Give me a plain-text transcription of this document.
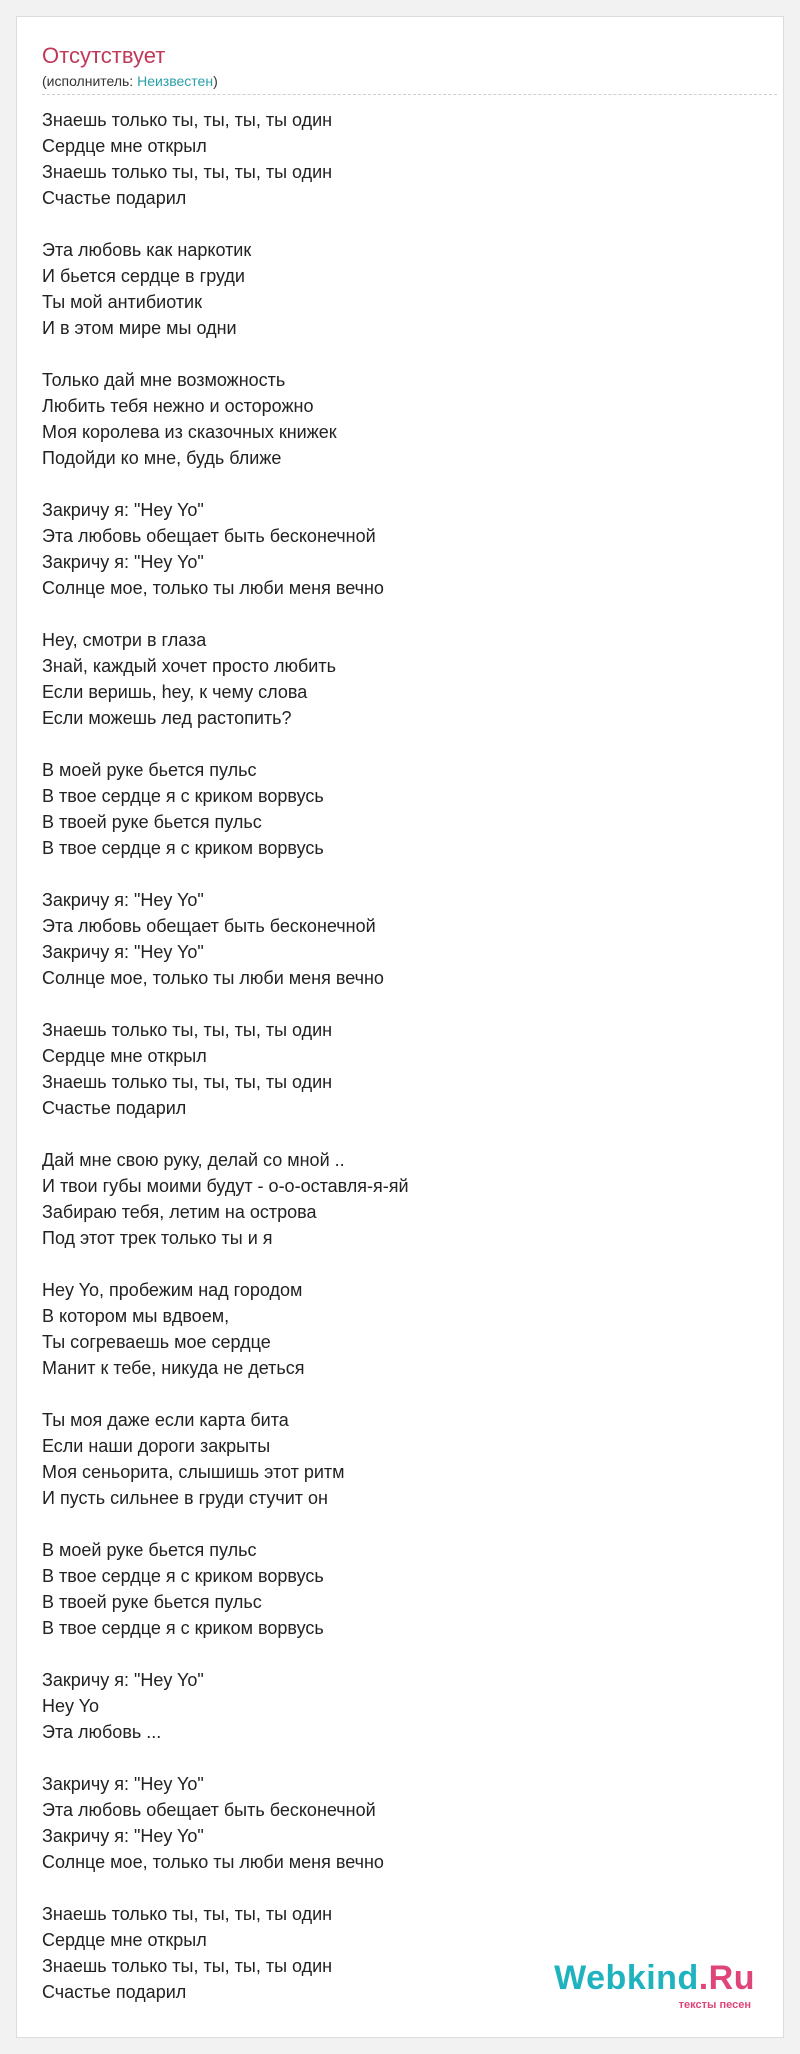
Отсутствует
(исполнитель: Неизвестен)
Знаешь только ты, ты, ты, ты один
Сердце мне открыл
Знаешь только ты, ты, ты, ты один
Счастье подарил
Эта любовь как наркотик
И бьется сердце в груди
Ты мой антибиотик
И в этом мире мы одни
Только дай мне возможность
Любить тебя нежно и осторожно
Моя королева из сказочных книжек
Подойди ко мне, будь ближе
Закричу я: "Hey Yo"
Эта любовь обещает быть бесконечной
Закричу я: "Hey Yo"
Солнце мое, только ты люби меня вечно
Hey, смотри в глаза
Знай, каждый хочет просто любить
Если веришь, hey, к чему слова
Если можешь лед растопить?
В моей руке бьется пульс
В твое сердце я с криком ворвусь
В твоей руке бьется пульс
В твое сердце я с криком ворвусь
Закричу я: "Hey Yo"
Эта любовь обещает быть бесконечной
Закричу я: "Hey Yo"
Солнце мое, только ты люби меня вечно
Знаешь только ты, ты, ты, ты один
Сердце мне открыл
Знаешь только ты, ты, ты, ты один
Счастье подарил
Дай мне свою руку, делай со мной ..
И твои губы моими будут - о-о-оставля-я-яй
Забираю тебя, летим на острова
Под этот трек только ты и я
Hey Yo, пробежим над городом
В котором мы вдвоем,
Ты согреваешь мое сердце
Манит к тебе, никуда не деться
Ты моя даже если карта бита
Если наши дороги закрыты
Моя сеньорита, слышишь этот ритм
И пусть сильнее в груди стучит он
В моей руке бьется пульс
В твое сердце я с криком ворвусь
В твоей руке бьется пульс
В твое сердце я с криком ворвусь
Закричу я: "Hey Yo"
Hey Yo
Эта любовь ...
Закричу я: "Hey Yo"
Эта любовь обещает быть бесконечной
Закричу я: "Hey Yo"
Солнце мое, только ты люби меня вечно
Знаешь только ты, ты, ты, ты один
Сердце мне открыл
Знаешь только ты, ты, ты, ты один
Счастье подарил	Webkind.Ru
тексты песен
